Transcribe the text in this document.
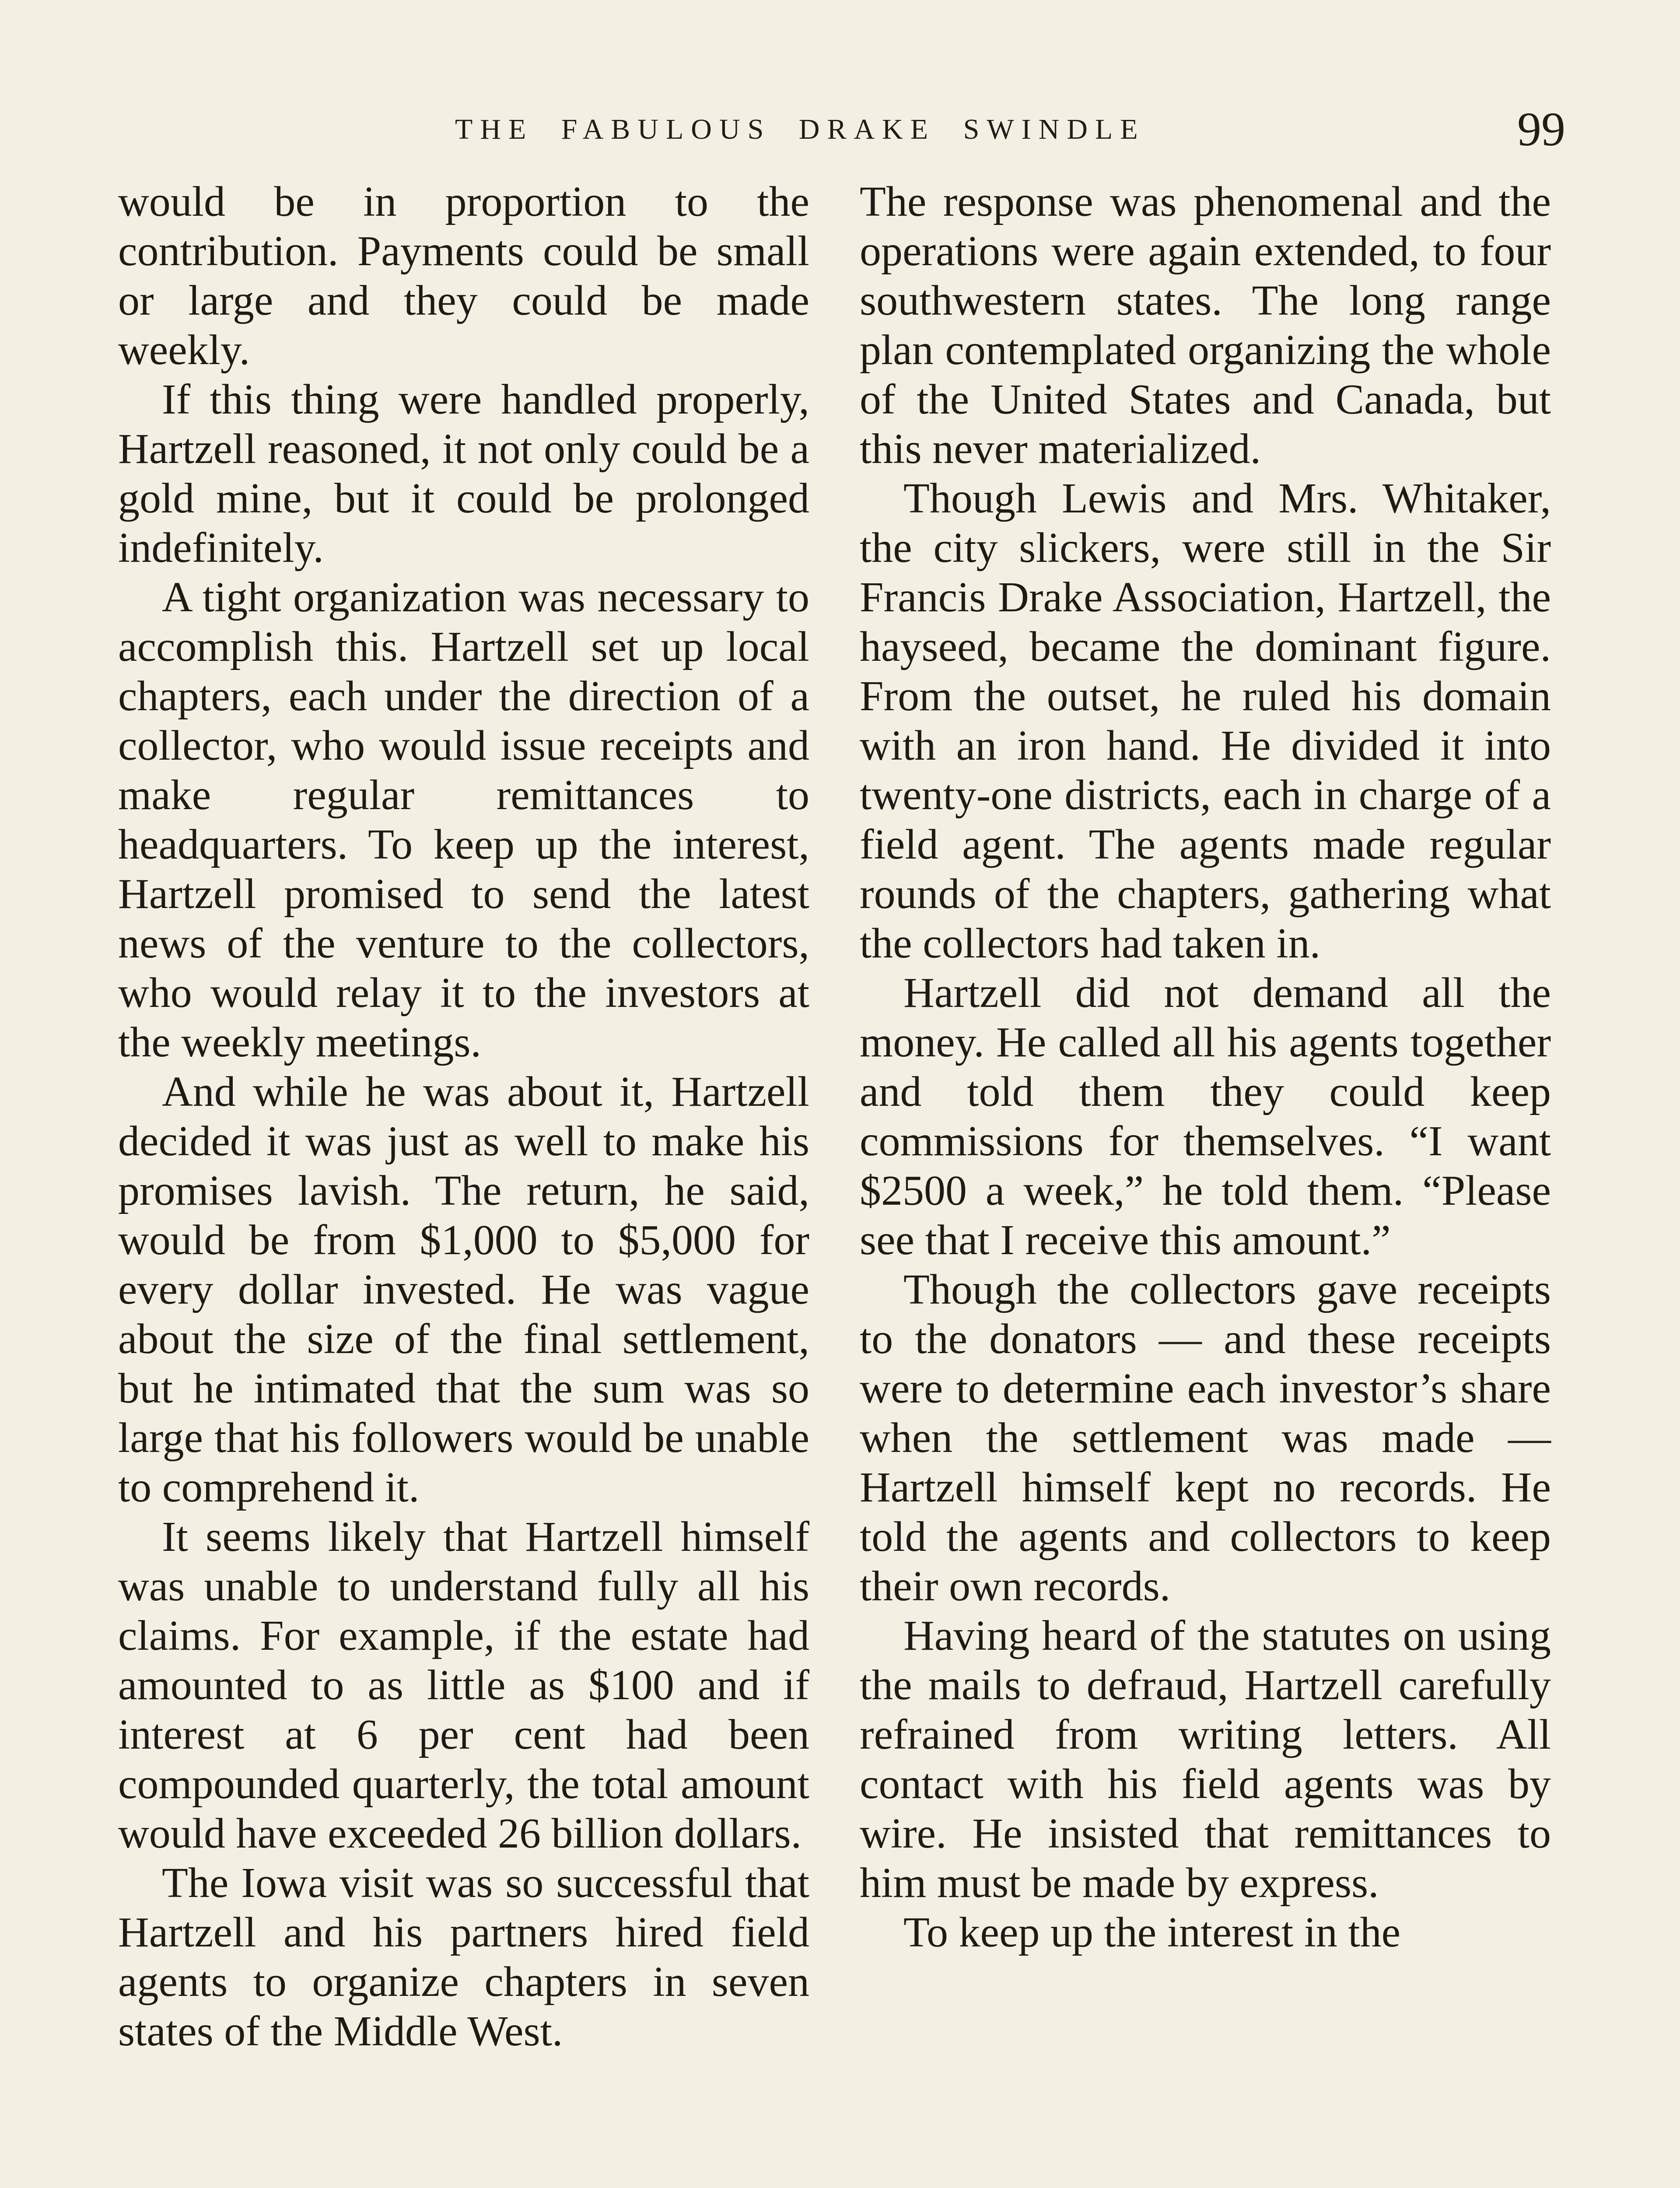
THE FABULOUS DRAKE SWINDLE	99

would be in proportion to the contribution. Payments could be small or large and they could be made weekly.

If this thing were handled properly, Hartzell reasoned, it not only could be a gold mine, but it could be prolonged indefinitely.

A tight organization was necessary to accomplish this. Hartzell set up local chapters, each under the direction of a collector, who would issue receipts and make regular remittances to headquarters. To keep up the interest, Hartzell promised to send the latest news of the venture to the collectors, who would relay it to the investors at the weekly meetings.

And while he was about it, Hartzell decided it was just as well to make his promises lavish. The return, he said, would be from $1,000 to $5,000 for every dollar invested. He was vague about the size of the final settlement, but he intimated that the sum was so large that his followers would be unable to comprehend it.

It seems likely that Hartzell himself was unable to understand fully all his claims. For example, if the estate had amounted to as little as $100 and if interest at 6 per cent had been compounded quarterly, the total amount would have exceeded 26 billion dollars.

The Iowa visit was so successful that Hartzell and his partners hired field agents to organize chapters in seven states of the Middle West.

The response was phenomenal and the operations were again extended, to four southwestern states. The long range plan contemplated organizing the whole of the United States and Canada, but this never materialized.

Though Lewis and Mrs. Whitaker, the city slickers, were still in the Sir Francis Drake Association, Hartzell, the hayseed, became the dominant figure. From the outset, he ruled his domain with an iron hand. He divided it into twenty-one districts, each in charge of a field agent. The agents made regular rounds of the chapters, gathering what the collectors had taken in.

Hartzell did not demand all the money. He called all his agents together and told them they could keep commissions for themselves. “I want $2500 a week,” he told them. “Please see that I receive this amount.”

Though the collectors gave receipts to the donators — and these receipts were to determine each investor’s share when the settlement was made — Hartzell himself kept no records. He told the agents and collectors to keep their own records.

Having heard of the statutes on using the mails to defraud, Hartzell carefully refrained from writing letters. All contact with his field agents was by wire. He insisted that remittances to him must be made by express.

To keep up the interest in the
